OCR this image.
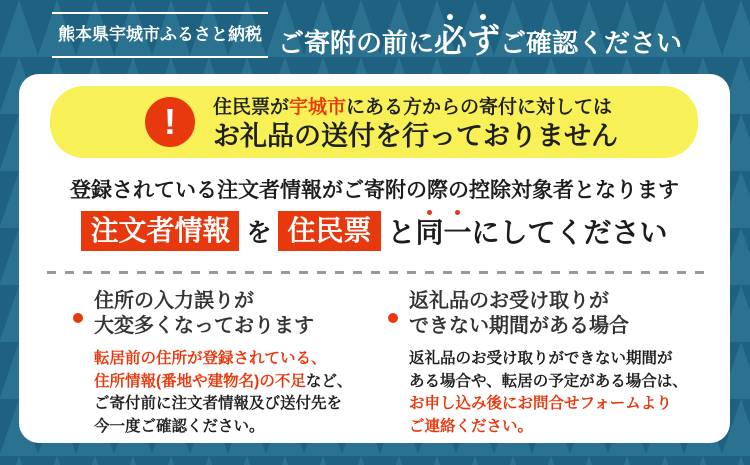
熊本県宇城市ふるさと納税 ご寄附の前に必ずご確認ください
!	住民票が宇城市にある方からの寄付に対しては
お礼品の送付を行っておりません
登録されている注文者情報がご寄附の際の控除対象者となります
注文者情報 を 住民票 と同一にしてください
住所の入力誤りが
大変多くなっております
転居前の住所が登録されている、
住所情報(番地や建物名)の不足など、
ご寄付前に注文者情報及び送付先を
今一度ご確認ください。
返礼品のお受け取りが
できない期間がある場合
返礼品のお受け取りができない期間が
ある場合や、転居の予定がある場合は、
お申し込み後にお問合せフォームより
ご連絡ください。
